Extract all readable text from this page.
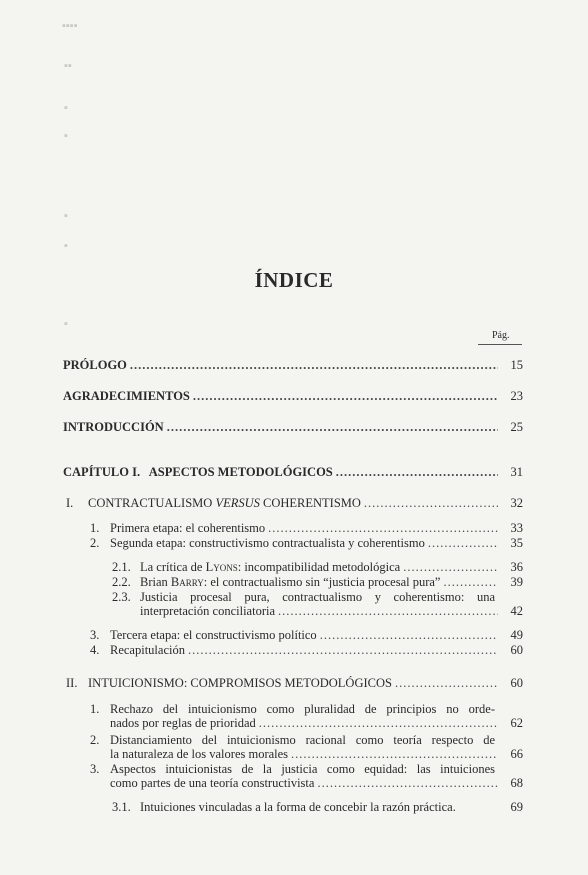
▪▪▪▪
▪▪
▪
▪
▪
▪
▪
ÍNDICE
Pág.
PRÓLOGO .....	15
AGRADECIMIENTOS .....	23
INTRODUCCIÓN .....	25
CAPÍTULO I.   ASPECTOS METODOLÓGICOS .....	31
I.	CONTRACTUALISMO VERSUS COHERENTISMO .....	32
1. Primera etapa: el coherentismo .....	33
2. Segunda etapa: constructivismo contractualista y coherentismo .....	35
2.1. La crítica de Lyons: incompatibilidad metodológica .....	36
2.2. Brian Barry: el contractualismo sin “justicia procesal pura” .....	39
2.3. Justicia procesal pura, contractualismo y coherentismo: una
interpretación conciliatoria .....	42
3. Tercera etapa: el constructivismo político .....	49
4. Recapitulación .....	60
II. INTUICIONISMO: COMPROMISOS METODOLÓGICOS .....	60
1. Rechazo del intuicionismo como pluralidad de principios no orde-
nados por reglas de prioridad .....	62
2. Distanciamiento del intuicionismo racional como teoría respecto de
la naturaleza de los valores morales .....	66
3. Aspectos intuicionistas de la justicia como equidad: las intuiciones
como partes de una teoría constructivista .....	68
3.1. Intuiciones vinculadas a la forma de concebir la razón práctica.	69
